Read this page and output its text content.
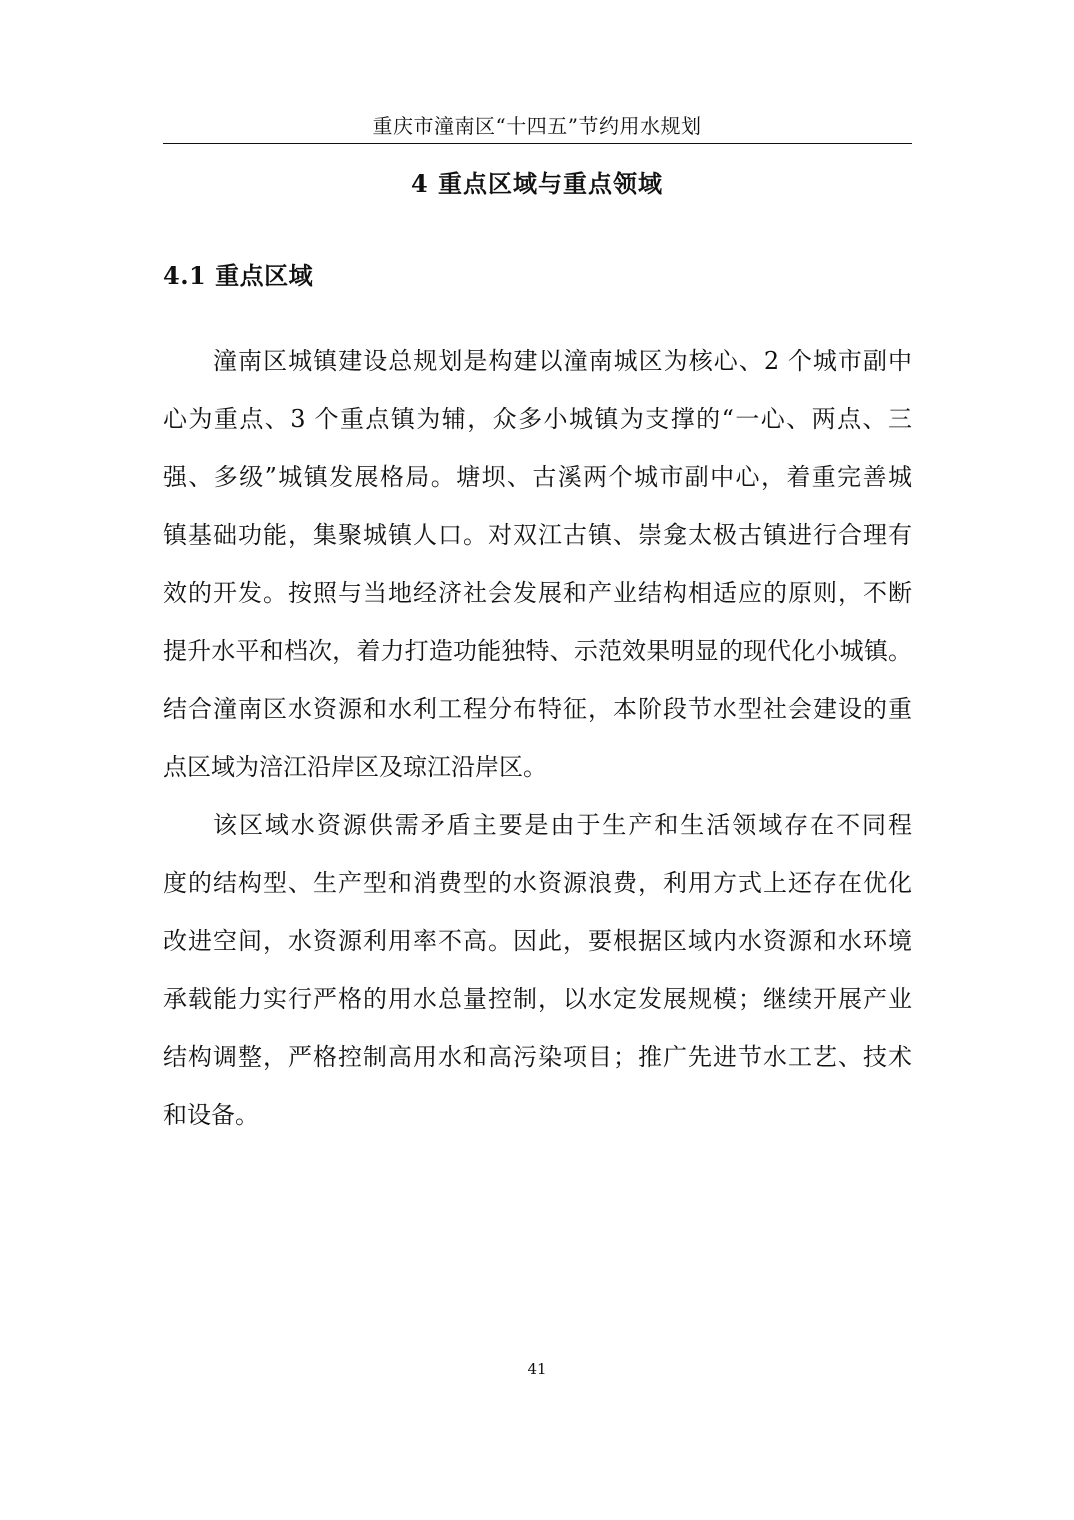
重庆市潼南区“十四五”节约用水规划
4 重点区域与重点领域
4.1 重点区域
潼南区城镇建设总规划是构建以潼南城区为核心、2 个城市副中
心为重点、3 个重点镇为辅，众多小城镇为支撑的“一心、两点、三
强、多级”城镇发展格局。塘坝、古溪两个城市副中心，着重完善城
镇基础功能，集聚城镇人口。对双江古镇、崇龛太极古镇进行合理有
效的开发。按照与当地经济社会发展和产业结构相适应的原则，不断
提升水平和档次，着力打造功能独特、示范效果明显的现代化小城镇。
结合潼南区水资源和水利工程分布特征，本阶段节水型社会建设的重
点区域为涪江沿岸区及琼江沿岸区。
该区域水资源供需矛盾主要是由于生产和生活领域存在不同程
度的结构型、生产型和消费型的水资源浪费，利用方式上还存在优化
改进空间，水资源利用率不高。因此，要根据区域内水资源和水环境
承载能力实行严格的用水总量控制，以水定发展规模；继续开展产业
结构调整，严格控制高用水和高污染项目；推广先进节水工艺、技术
和设备。
41
